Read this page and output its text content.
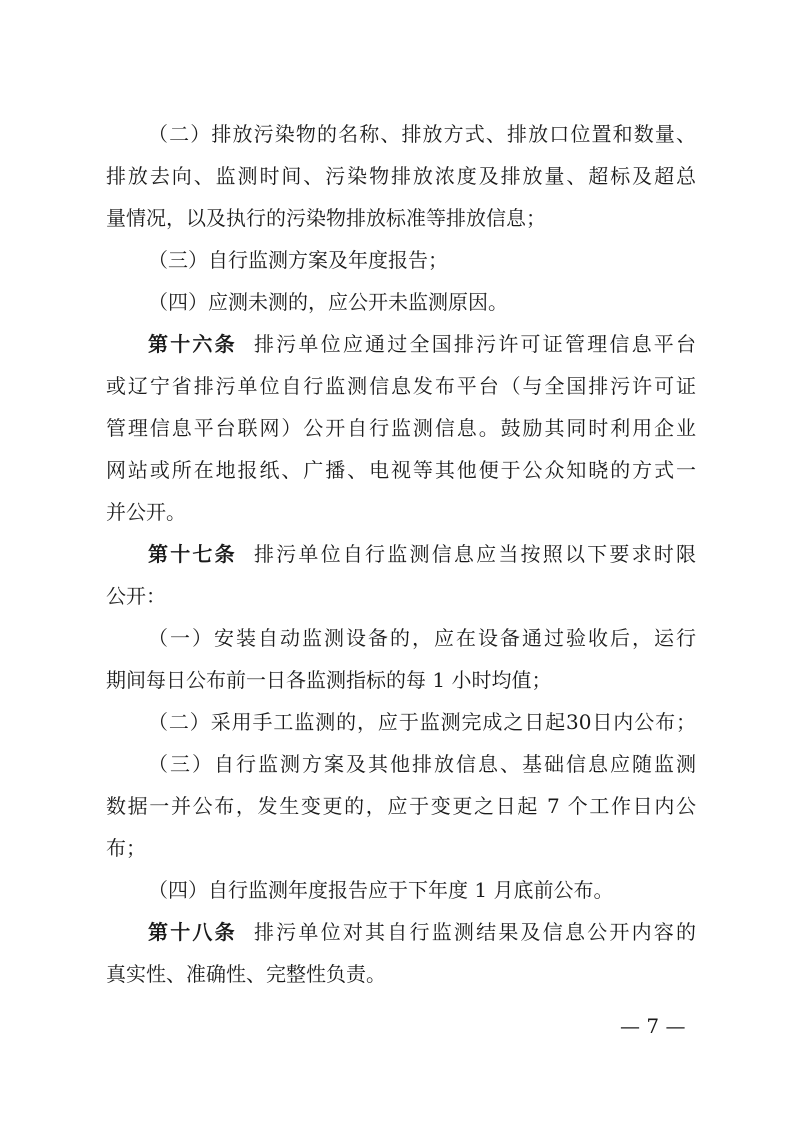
（二）排放污染物的名称、排放方式、排放口位置和数量、
排放去向、监测时间、污染物排放浓度及排放量、超标及超总
量情况，以及执行的污染物排放标准等排放信息；
（三）自行监测方案及年度报告；
（四）应测未测的，应公开未监测原因。
第十六条 排污单位应通过全国排污许可证管理信息平台
或辽宁省排污单位自行监测信息发布平台（与全国排污许可证
管理信息平台联网）公开自行监测信息。鼓励其同时利用企业
网站或所在地报纸、广播、电视等其他便于公众知晓的方式一
并公开。
第十七条 排污单位自行监测信息应当按照以下要求时限
公开：
（一）安装自动监测设备的，应在设备通过验收后，运行
期间每日公布前一日各监测指标的每 1 小时均值；
（二）采用手工监测的，应于监测完成之日起30日内公布；
（三）自行监测方案及其他排放信息、基础信息应随监测
数据一并公布，发生变更的，应于变更之日起 7 个工作日内公
布；
（四）自行监测年度报告应于下年度 1 月底前公布。
第十八条 排污单位对其自行监测结果及信息公开内容的
真实性、准确性、完整性负责。
— 7 —
